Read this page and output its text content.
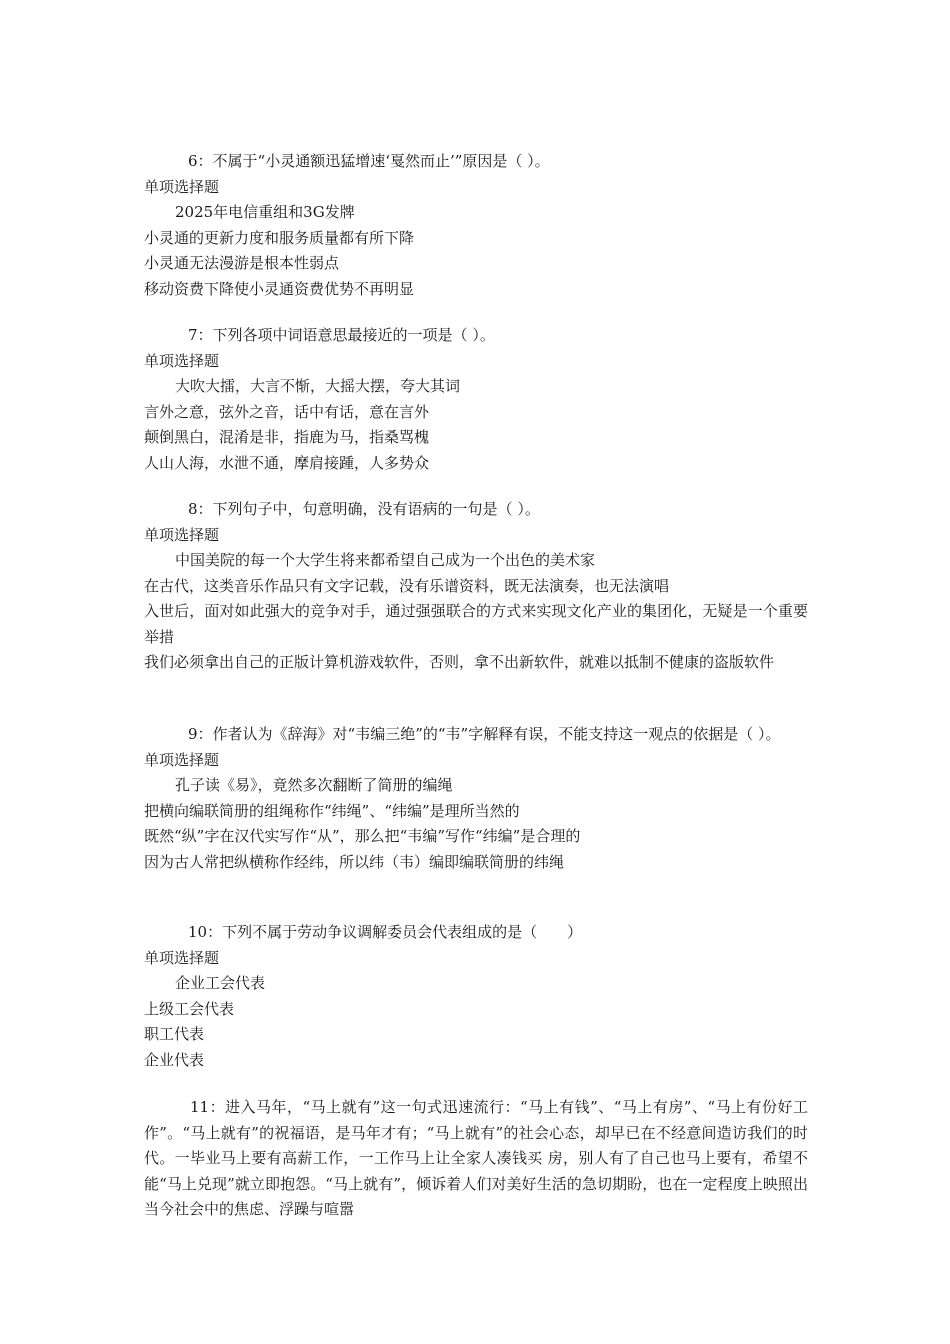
6：不属于“小灵通额迅猛增速‘戛然而止’”原因是（ ）。
单项选择题
2025年电信重组和3G发牌
小灵通的更新力度和服务质量都有所下降
小灵通无法漫游是根本性弱点
移动资费下降使小灵通资费优势不再明显
7：下列各项中词语意思最接近的一项是（ ）。
单项选择题
大吹大擂，大言不惭，大摇大摆，夸大其词
言外之意，弦外之音，话中有话，意在言外
颠倒黑白，混淆是非，指鹿为马，指桑骂槐
人山人海，水泄不通，摩肩接踵，人多势众
8：下列句子中，句意明确，没有语病的一句是（ ）。
单项选择题
中国美院的每一个大学生将来都希望自己成为一个出色的美术家
在古代，这类音乐作品只有文字记载，没有乐谱资料，既无法演奏，也无法演唱
入世后，面对如此强大的竞争对手，通过强强联合的方式来实现文化产业的集团化，无疑是一个重要举措
我们必须拿出自己的正版计算机游戏软件，否则，拿不出新软件，就难以抵制不健康的盗版软件
9：作者认为《辞海》对“韦编三绝”的“韦”字解释有误，不能支持这一观点的依据是（ ）。
单项选择题
孔子读《易》，竟然多次翻断了简册的编绳
把横向编联简册的组绳称作“纬绳”、“纬编”是理所当然的
既然“纵”字在汉代实写作“从”，那么把“韦编”写作“纬编”是合理的
因为古人常把纵横称作经纬，所以纬（韦）编即编联简册的纬绳
10：下列不属于劳动争议调解委员会代表组成的是（　　）
单项选择题
企业工会代表
上级工会代表
职工代表
企业代表
11：进入马年，“马上就有”这一句式迅速流行：“马上有钱”、“马上有房”、“马上有份好工作”。“马上就有”的祝福语，是马年才有；“马上就有”的社会心态，却早已在不经意间造访我们的时代。一毕业马上要有高薪工作，一工作马上让全家人凑钱买 房，别人有了自己也马上要有，希望不能“马上兑现”就立即抱怨。“马上就有”，倾诉着人们对美好生活的急切期盼，也在一定程度上映照出当今社会中的焦虑、浮躁与喧嚣
